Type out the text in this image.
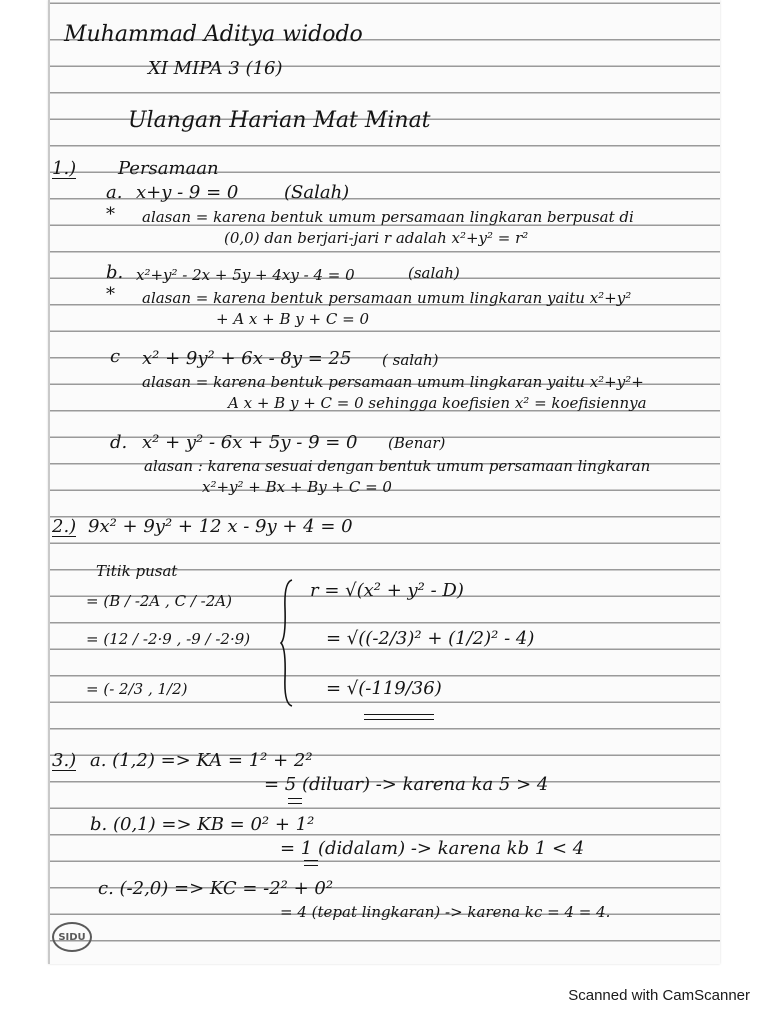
Muhammad Aditya widodo
XI MIPA 3 (16)
Ulangan Harian Mat Minat
1.) Persamaan
a. x+y - 9 = 0	(Salah)
* alasan = karena bentuk umum persamaan lingkaran berpusat di
(0,0) dan berjari-jari r adalah x²+y² = r²
b. x²+y² - 2x + 5y + 4xy - 4 = 0	(salah)
* alasan = karena bentuk persamaan umum lingkaran yaitu x²+y²
+ A x + B y + C = 0
c x² + 9y² + 6x - 8y = 25 ( salah)
alasan = karena bentuk persamaan umum lingkaran yaitu x²+y²+
A x + B y + C = 0 sehingga koefisien x² = koefisiennya
d. x² + y² - 6x + 5y - 9 = 0 (Benar)
alasan : karena sesuai dengan bentuk umum persamaan lingkaran
x²+y² + Bx + By + C = 0
2.) 9x² + 9y² + 12 x - 9y + 4 = 0
Titik pusat
= (B / -2A , C / -2A)
= (12 / -2·9 , -9 / -2·9)
= (- 2/3 , 1/2)
r = √(x² + y² - D)
= √((-2/3)² + (1/2)² - 4)
= √(-119/36)
3.) a. (1,2) => KA = 1² + 2²
= 5 (diluar) -> karena ka 5 > 4
b. (0,1) => KB = 0² + 1²
= 1 (didalam) -> karena kb 1 < 4
c. (-2,0) => KC = -2² + 0²
= 4 (tepat lingkaran) -> karena kc = 4 = 4.
SIDU
Scanned with CamScanner
